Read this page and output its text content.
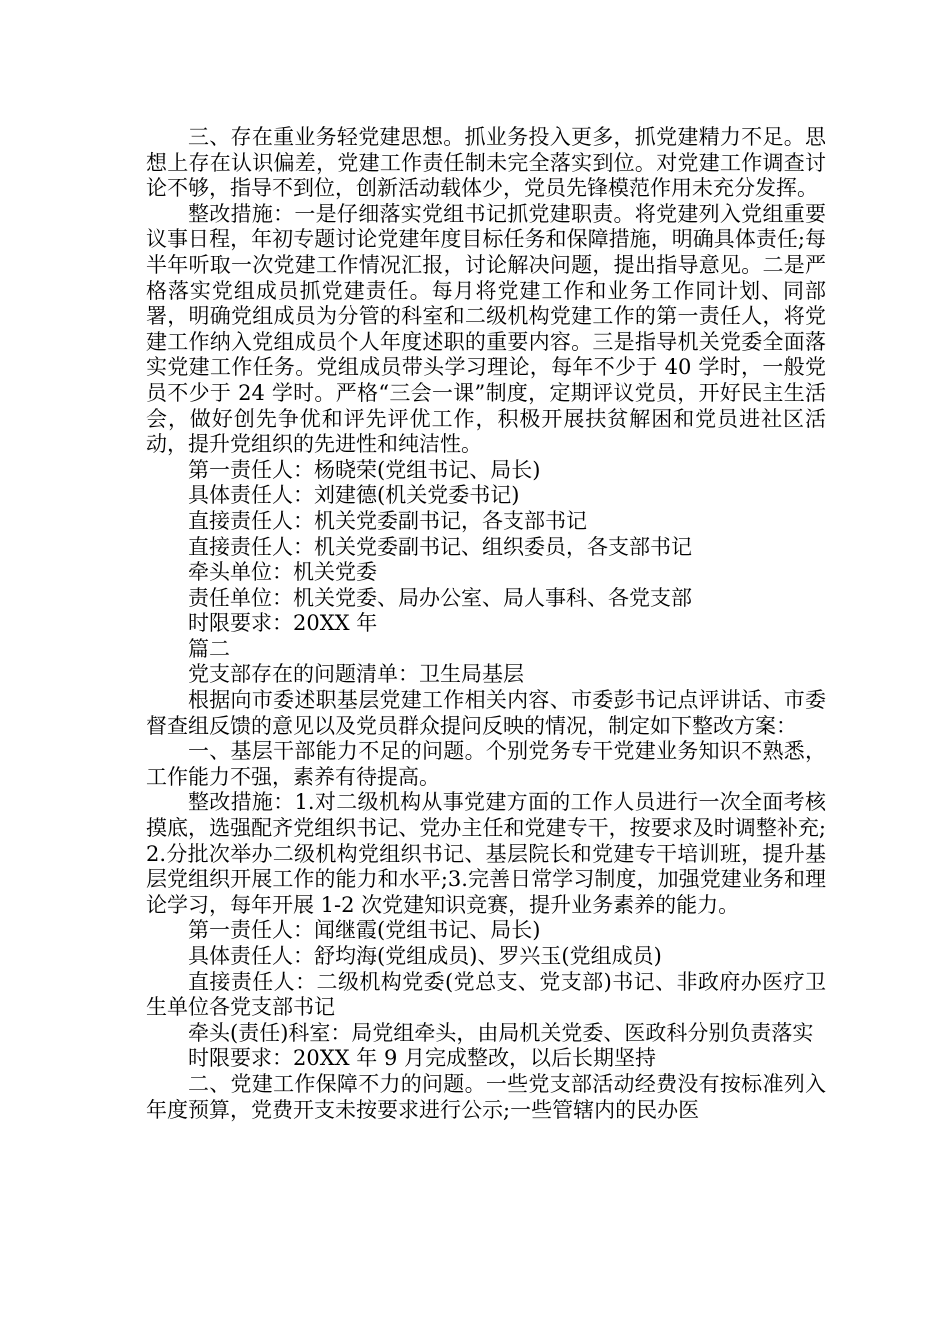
三、存在重业务轻党建思想。抓业务投入更多，抓党建精力不足。思想上存在认识偏差，党建工作责任制未完全落实到位。对党建工作调查讨论不够，指导不到位，创新活动载体少，党员先锋模范作用未充分发挥。

整改措施：一是仔细落实党组书记抓党建职责。将党建列入党组重要议事日程，年初专题讨论党建年度目标任务和保障措施，明确具体责任;每半年听取一次党建工作情况汇报，讨论解决问题，提出指导意见。二是严格落实党组成员抓党建责任。每月将党建工作和业务工作同计划、同部署，明确党组成员为分管的科室和二级机构党建工作的第一责任人，将党建工作纳入党组成员个人年度述职的重要内容。三是指导机关党委全面落实党建工作任务。党组成员带头学习理论，每年不少于 40 学时，一般党员不少于 24 学时。严格“三会一课”制度，定期评议党员，开好民主生活会，做好创先争优和评先评优工作，积极开展扶贫解困和党员进社区活动，提升党组织的先进性和纯洁性。

第一责任人：杨晓荣(党组书记、局长)

具体责任人：刘建德(机关党委书记)

直接责任人：机关党委副书记，各支部书记

直接责任人：机关党委副书记、组织委员，各支部书记

牵头单位：机关党委

责任单位：机关党委、局办公室、局人事科、各党支部

时限要求：20XX 年

篇二

党支部存在的问题清单：卫生局基层

根据向市委述职基层党建工作相关内容、市委彭书记点评讲话、市委督查组反馈的意见以及党员群众提问反映的情况，制定如下整改方案：

一、基层干部能力不足的问题。个别党务专干党建业务知识不熟悉，工作能力不强，素养有待提高。

整改措施：1.对二级机构从事党建方面的工作人员进行一次全面考核摸底，选强配齐党组织书记、党办主任和党建专干，按要求及时调整补充;2.分批次举办二级机构党组织书记、基层院长和党建专干培训班，提升基层党组织开展工作的能力和水平;3.完善日常学习制度，加强党建业务和理论学习，每年开展 1-2 次党建知识竞赛，提升业务素养的能力。

第一责任人：闻继霞(党组书记、局长)

具体责任人：舒均海(党组成员)、罗兴玉(党组成员)

直接责任人：二级机构党委(党总支、党支部)书记、非政府办医疗卫生单位各党支部书记

牵头(责任)科室：局党组牵头，由局机关党委、医政科分别负责落实

时限要求：20XX 年 9 月完成整改，以后长期坚持

二、党建工作保障不力的问题。一些党支部活动经费没有按标准列入年度预算，党费开支未按要求进行公示;一些管辖内的民办医
